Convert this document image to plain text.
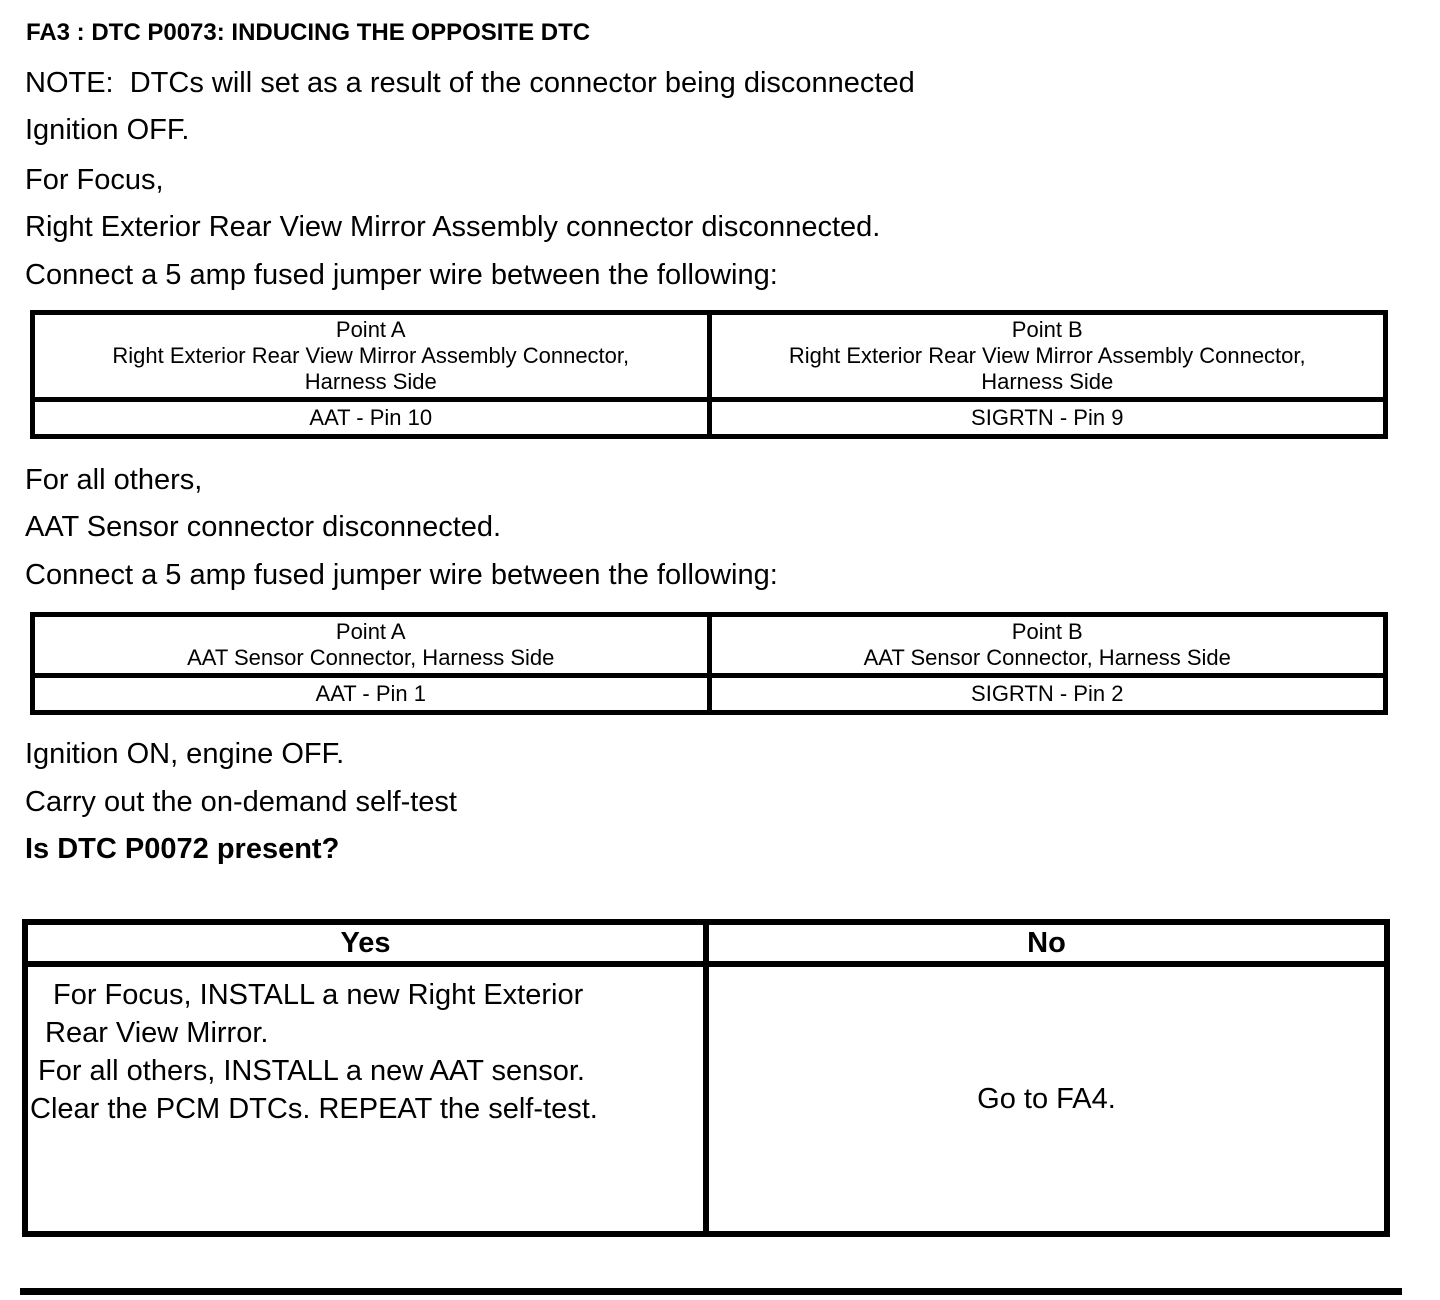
FA3 : DTC P0073: INDUCING THE OPPOSITE DTC
NOTE:  DTCs will set as a result of the connector being disconnected
Ignition OFF.
For Focus,
Right Exterior Rear View Mirror Assembly connector disconnected.
Connect a 5 amp fused jumper wire between the following:
Point A
Right Exterior Rear View Mirror Assembly Connector,
Harness Side

Point B
Right Exterior Rear View Mirror Assembly Connector,
Harness Side

AAT - Pin 10	SIGRTN - Pin 9
For all others,
AAT Sensor connector disconnected.
Connect a 5 amp fused jumper wire between the following:
Point A
AAT Sensor Connector, Harness Side

Point B
AAT Sensor Connector, Harness Side

AAT - Pin 1	SIGRTN - Pin 2
Ignition ON, engine OFF.
Carry out the on-demand self-test
Is DTC P0072 present?
Yes	No

For Focus, INSTALL a new Right Exterior
Rear View Mirror.
For all others, INSTALL a new AAT sensor.
Clear the PCM DTCs. REPEAT the self-test.	Go to FA4.
